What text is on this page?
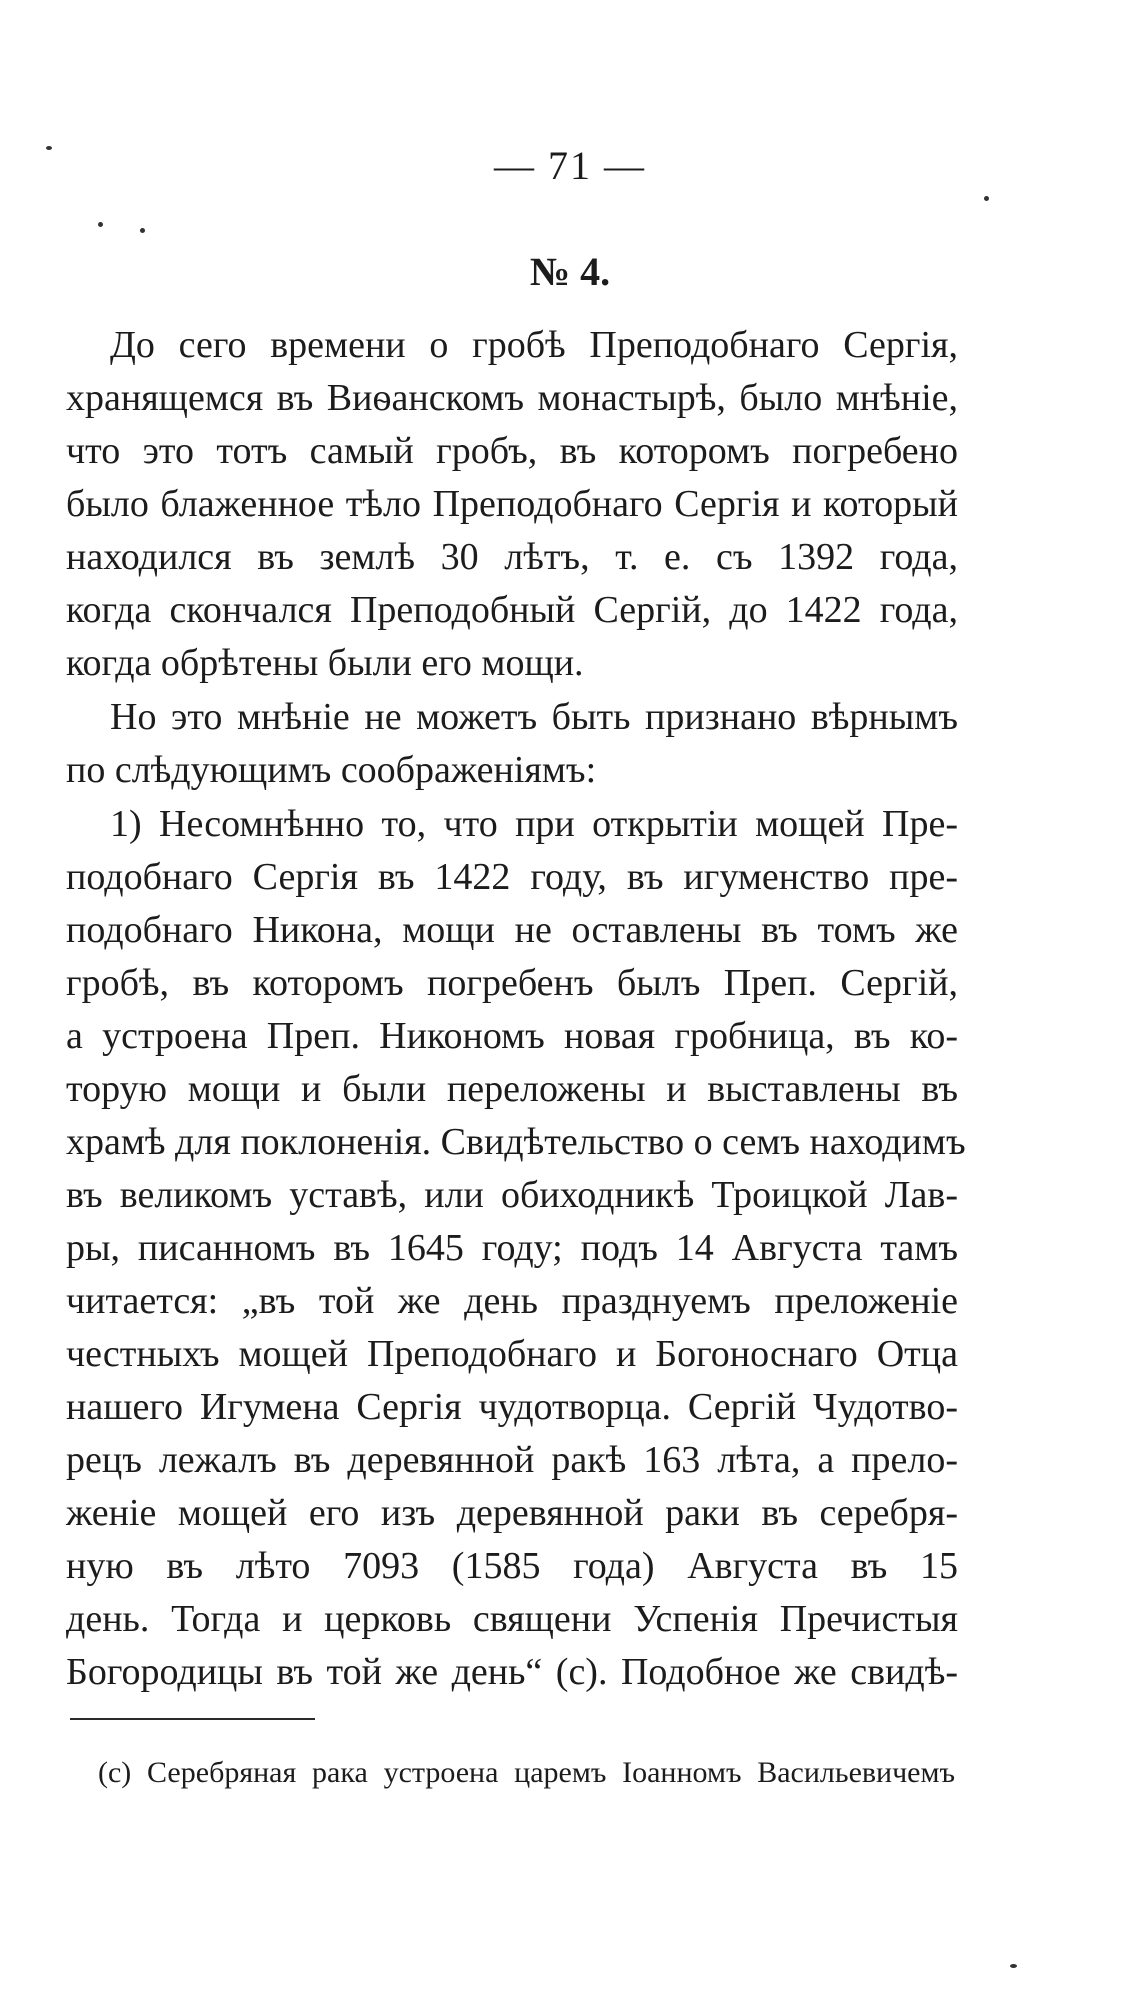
— 71 —
№ 4.
До сего времени о гробѣ Преподобнаго Сергія,
хранящемся въ Виѳанскомъ монастырѣ, было мнѣніе,
что это тотъ самый гробъ, въ которомъ погребено
было блаженное тѣло Преподобнаго Сергія и который
находился въ землѣ 30 лѣтъ, т. е. съ 1392 года,
когда скончался Преподобный Сергій, до 1422 года,
когда обрѣтены были его мощи.
Но это мнѣніе не можетъ быть признано вѣрнымъ
по слѣдующимъ соображеніямъ:
1) Несомнѣнно то, что при открытіи мощей Пре-
подобнаго Сергія въ 1422 году, въ игуменство пре-
подобнаго Никона, мощи не оставлены въ томъ же
гробѣ, въ которомъ погребенъ былъ Преп. Сергій,
а устроена Преп. Никономъ новая гробница, въ ко-
торую мощи и были переложены и выставлены въ
храмѣ для поклоненія. Свидѣтельство о семъ находимъ
въ великомъ уставѣ, или обиходникѣ Троицкой Лав-
ры, писанномъ въ 1645 году; подъ 14 Августа тамъ
читается: „въ той же день празднуемъ преложеніе
честныхъ мощей Преподобнаго и Богоноснаго Отца
нашего Игумена Сергія чудотворца. Сергій Чудотво-
рецъ лежалъ въ деревянной ракѣ 163 лѣта, а прело-
женіе мощей его изъ деревянной раки въ серебря-
ную въ лѣто 7093 (1585 года) Августа въ 15
день. Тогда и церковь священи Успенія Пречистыя
Богородицы въ той же день“ (c). Подобное же свидѣ-
(c) Серебряная рака устроена царемъ Іоанномъ Васильевичемъ
